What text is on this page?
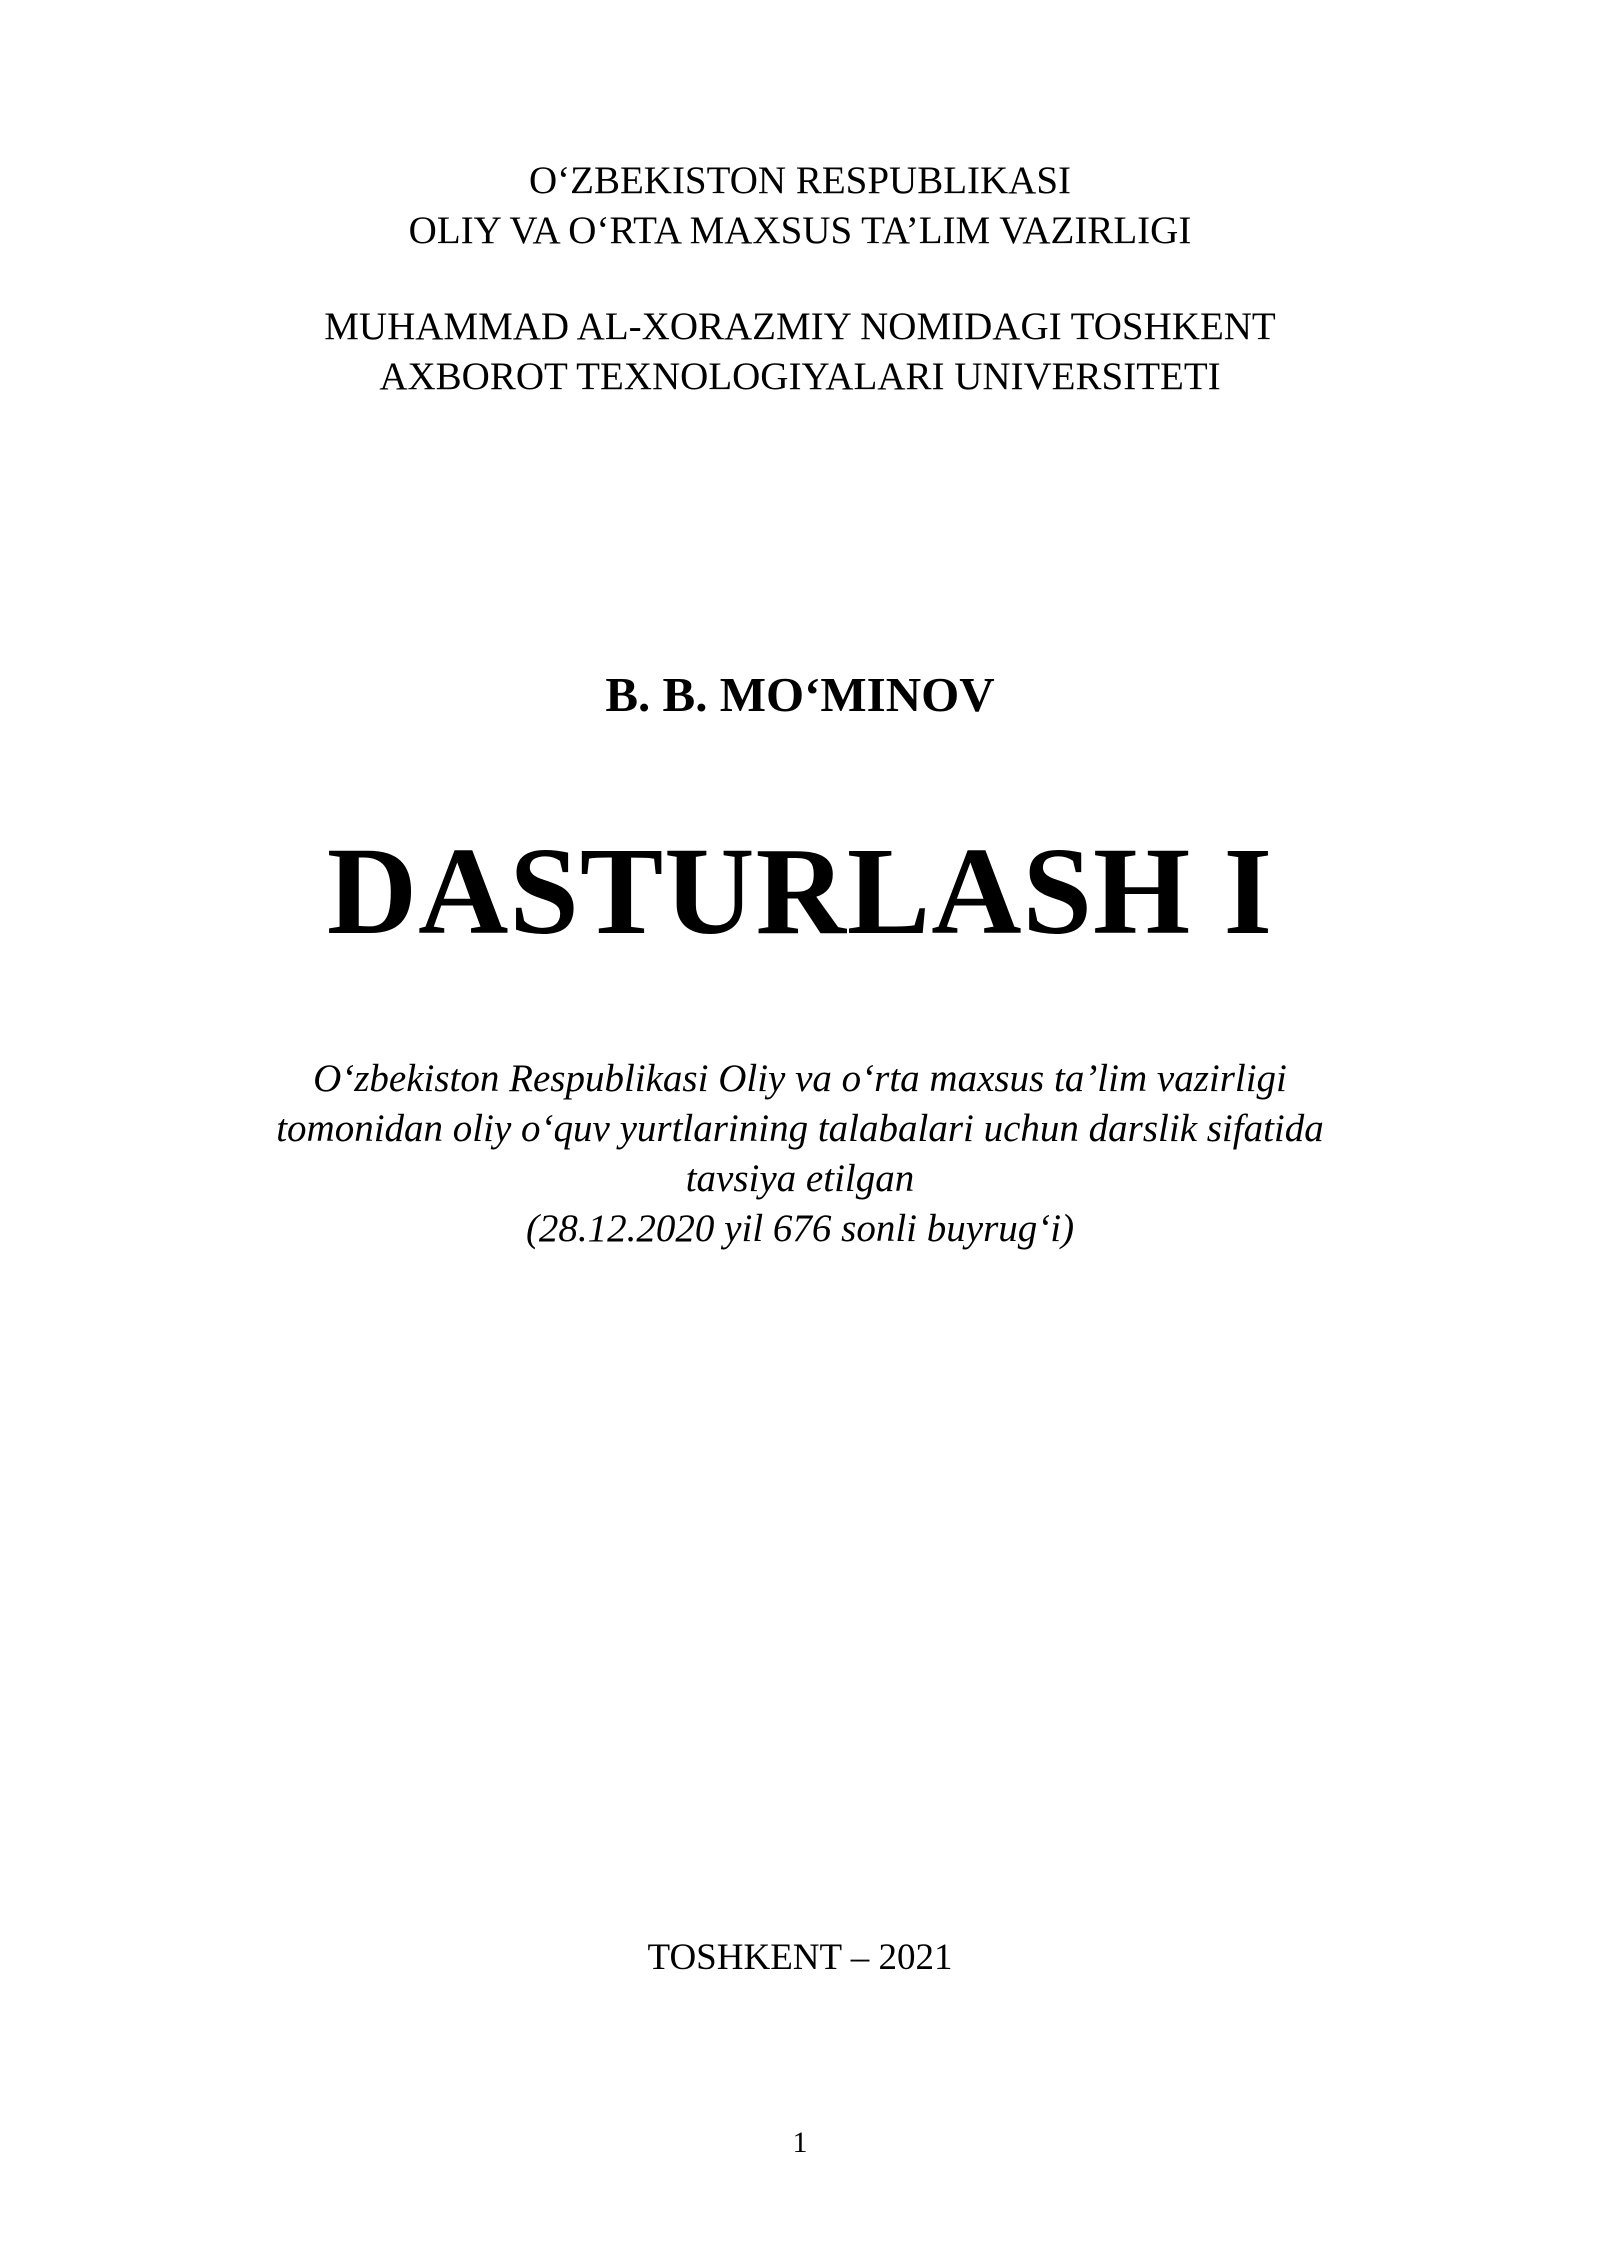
O‘ZBEKISTON RESPUBLIKASI
OLIY VA O‘RTA MAXSUS TA’LIM VAZIRLIGI
MUHAMMAD AL-XORAZMIY NOMIDAGI TOSHKENT
AXBOROT TEXNOLOGIYALARI UNIVERSITETI
B. B. MO‘MINOV
DASTURLASH I
O‘zbekiston Respublikasi Oliy va o‘rta maxsus ta’lim vazirligi
tomonidan oliy o‘quv yurtlarining talabalari uchun darslik sifatida
tavsiya etilgan
(28.12.2020 yil 676 sonli buyrug‘i)
TOSHKENT – 2021
1
